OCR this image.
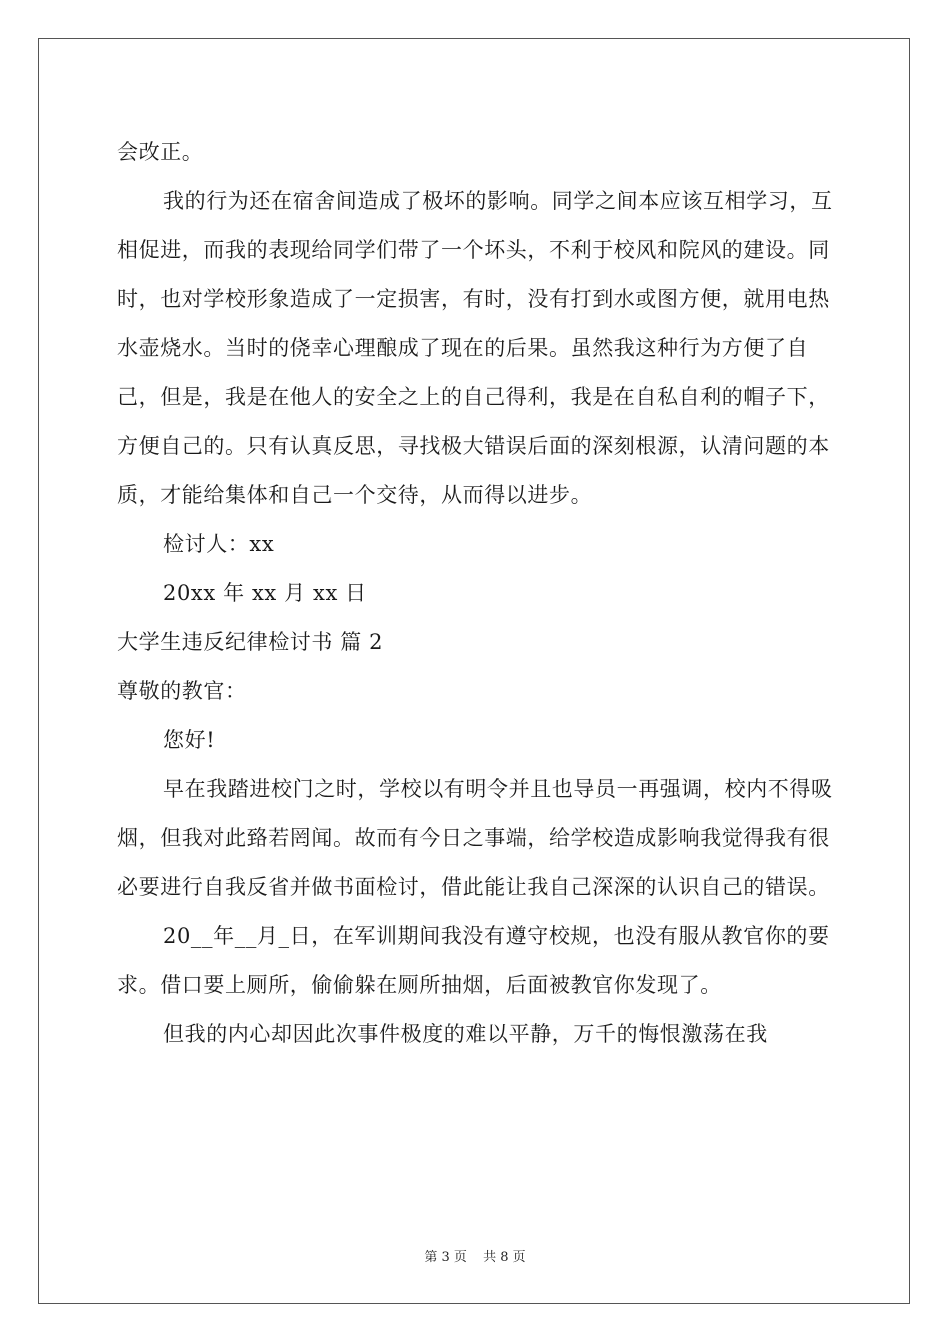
会改正。

我的行为还在宿舍间造成了极坏的影响。同学之间本应该互相学习，互相促进，而我的表现给同学们带了一个坏头，不利于校风和院风的建设。同时，也对学校形象造成了一定损害，有时，没有打到水或图方便，就用电热水壶烧水。当时的侥幸心理酿成了现在的后果。虽然我这种行为方便了自己，但是，我是在他人的安全之上的自己得利，我是在自私自利的帽子下，方便自己的。只有认真反思，寻找极大错误后面的深刻根源，认清问题的本质，才能给集体和自己一个交待，从而得以进步。

检讨人：xx

20xx 年 xx 月 xx 日

大学生违反纪律检讨书 篇 2

尊敬的教官：

您好!

早在我踏进校门之时，学校以有明令并且也导员一再强调，校内不得吸烟，但我对此臵若罔闻。故而有今日之事端，给学校造成影响我觉得我有很必要进行自我反省并做书面检讨，借此能让我自己深深的认识自己的错误。

20__年__月_日，在军训期间我没有遵守校规，也没有服从教官你的要求。借口要上厕所，偷偷躲在厕所抽烟，后面被教官你发现了。

但我的内心却因此次事件极度的难以平静，万千的悔恨激荡在我

第 3 页 共 8 页
